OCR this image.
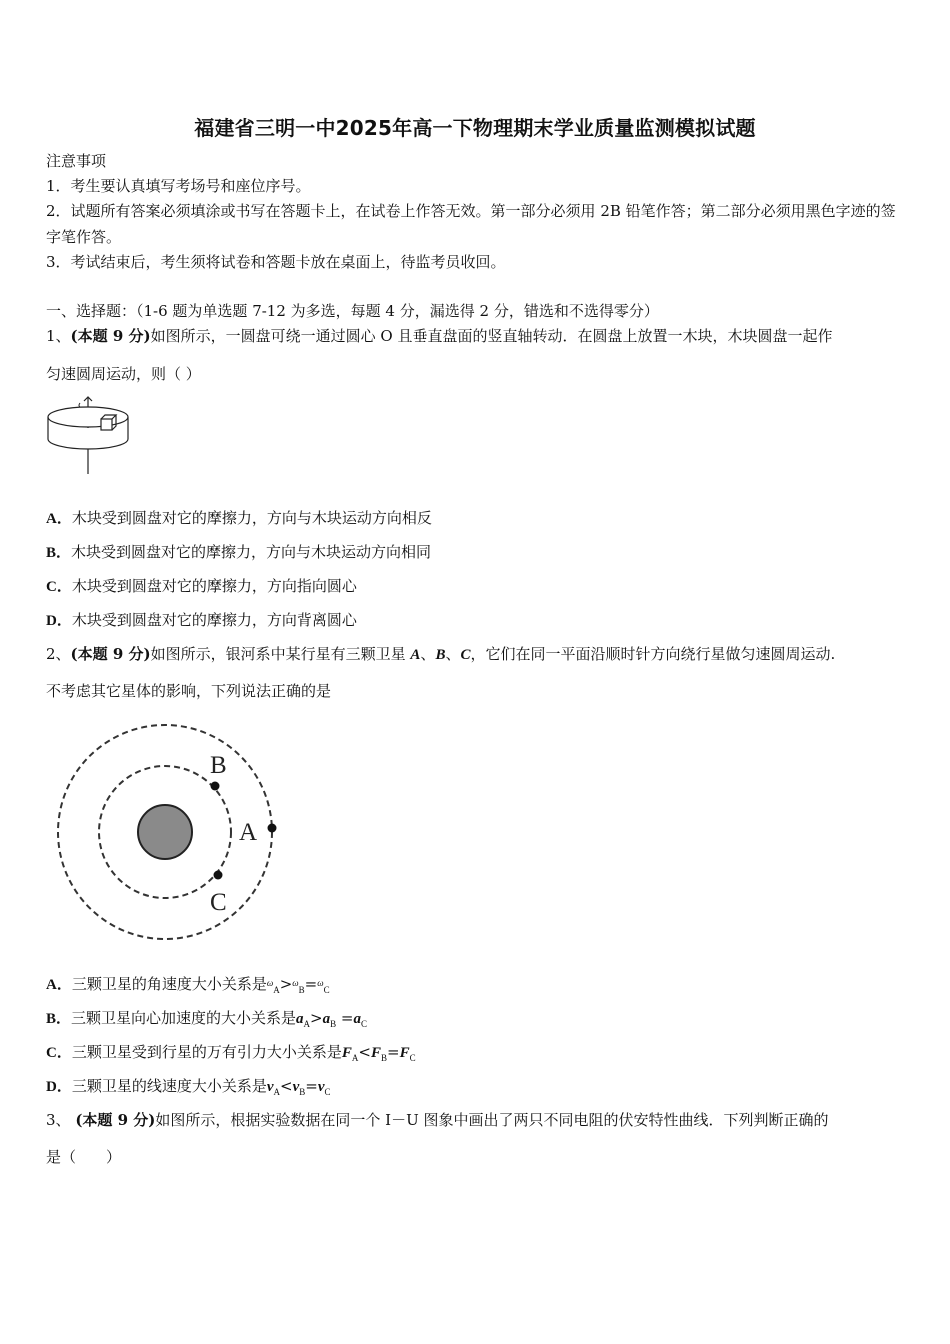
福建省三明一中2025年高一下物理期末学业质量监测模拟试题
注意事项
1．考生要认真填写考场号和座位序号。
2．试题所有答案必须填涂或书写在答题卡上，在试卷上作答无效。第一部分必须用 2B 铅笔作答；第二部分必须用黑色字迹的签字笔作答。
3．考试结束后，考生须将试卷和答题卡放在桌面上，待监考员收回。
一、选择题：（1-6 题为单选题 7-12 为多选，每题 4 分，漏选得 2 分，错选和不选得零分）
1、(本题 9 分)如图所示，一圆盘可绕一通过圆心 O 且垂直盘面的竖直轴转动．在圆盘上放置一木块，木块圆盘一起作
匀速圆周运动，则（ ）
A．木块受到圆盘对它的摩擦力，方向与木块运动方向相反
B．木块受到圆盘对它的摩擦力，方向与木块运动方向相同
C．木块受到圆盘对它的摩擦力，方向指向圆心
D．木块受到圆盘对它的摩擦力，方向背离圆心
2、(本题 9 分)如图所示，银河系中某行星有三颗卫星 A、B、C，它们在同一平面沿顺时针方向绕行星做匀速圆周运动.
不考虑其它星体的影响，下列说法正确的是
A
B
C
A．三颗卫星的角速度大小关系是$^\omega_A$>$^\omega_B$=$^\omega_C$
B．三颗卫星向心加速度的大小关系是$a_A>a_B =a_C$
C．三颗卫星受到行星的万有引力大小关系是$F_A<F_B=F_C$
D．三颗卫星的线速度大小关系是$v_A<v_B=v_C$
3、 (本题 9 分)如图所示，根据实验数据在同一个 I－U 图象中画出了两只不同电阻的伏安特性曲线．下列判断正确的
是（　　）
